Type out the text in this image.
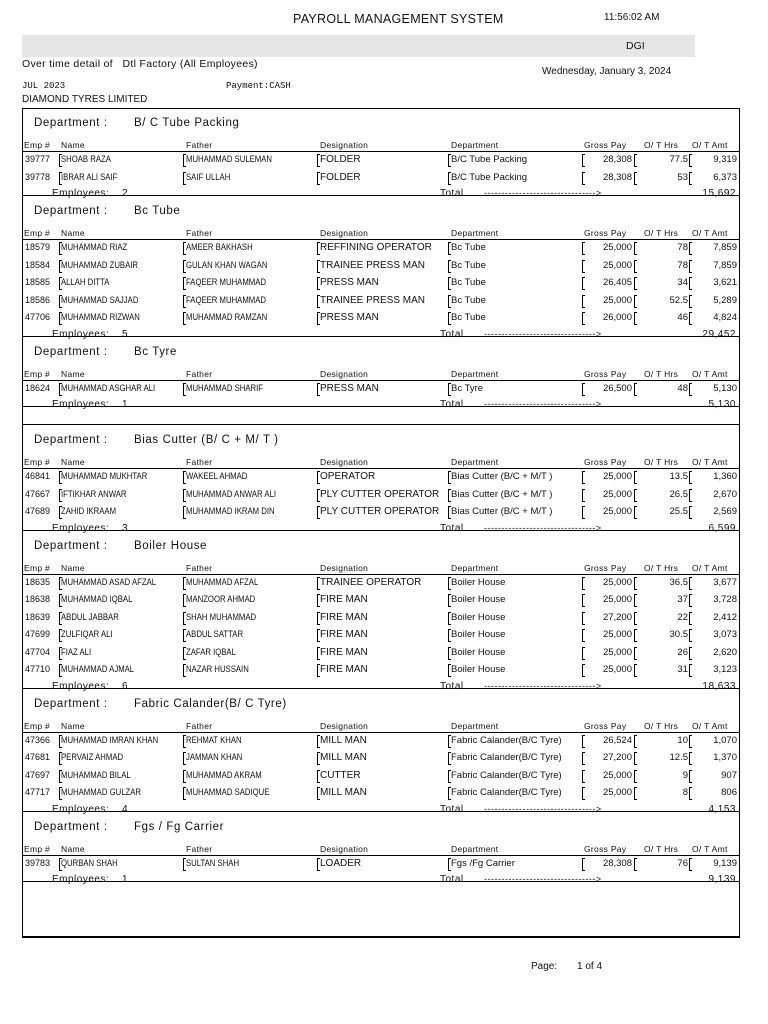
PAYROLL MANAGEMENT SYSTEM	11:56:02 AM
DGI
Over time detail of   Dtl Factory (All Employees)
Wednesday, January 3, 2024
JUL 2023	Payment:CASH
DIAMOND TYRES LIMITED
Department : B/ C Tube Packing
Emp # Name	Father	Designation	Department	Gross Pay O/ T Hrs O/ T Amt
39777	SHOAB RAZA	MUHAMMAD SULEMAN	FOLDER	B/C Tube Packing	28,308	77.5	9,319
39778	IBRAR ALI SAIF	SAIF ULLAH	FOLDER	B/C Tube Packing	28,308	53	6,373
Employees: 2	Total -------------------------------->	15,692
Department : Bc Tube
Emp # Name	Father	Designation	Department	Gross Pay O/ T Hrs O/ T Amt
18579	MUHAMMAD RIAZ	AMEER BAKHASH	REFFINING OPERATOR	Bc Tube	25,000	78	7,859
18584	MUHAMMAD ZUBAIR	GULAN KHAN WAGAN	TRAINEE PRESS MAN	Bc Tube	25,000	78	7,859
18585	ALLAH DITTA	FAQEER MUHAMMAD	PRESS MAN	Bc Tube	26,405	34	3,621
18586	MUHAMMAD SAJJAD	FAQEER MUHAMMAD	TRAINEE PRESS MAN	Bc Tube	25,000	52.5	5,289
47706	MUHAMMAD RIZWAN	MUHAMMAD RAMZAN	PRESS MAN	Bc Tube	26,000	46	4,824
Employees: 5	Total -------------------------------->	29,452
Department : Bc Tyre
Emp # Name	Father	Designation	Department	Gross Pay O/ T Hrs O/ T Amt
18624	MUHAMMAD ASGHAR ALI	MUHAMMAD SHARIF	PRESS MAN	Bc Tyre	26,500	48	5,130
Employees: 1	Total -------------------------------->	5,130
Department : Bias Cutter (B/ C + M/ T )
Emp # Name	Father	Designation	Department	Gross Pay O/ T Hrs O/ T Amt
46841	MUHAMMAD MUKHTAR	WAKEEL AHMAD	OPERATOR	Bias Cutter (B/C + M/T )	25,000	13.5	1,360
47667	IFTIKHAR ANWAR	MUHAMMAD ANWAR ALI	PLY CUTTER OPERATOR	Bias Cutter (B/C + M/T )	25,000	26.5	2,670
47689	ZAHID IKRAAM	MUHAMMAD IKRAM DIN	PLY CUTTER OPERATOR	Bias Cutter (B/C + M/T )	25,000	25.5	2,569
Employees: 3	Total -------------------------------->	6,599
Department : Boiler House
Emp # Name	Father	Designation	Department	Gross Pay O/ T Hrs O/ T Amt
18635	MUHAMMAD ASAD AFZAL	MUHAMMAD AFZAL	TRAINEE OPERATOR	Boiler House	25,000	36.5	3,677
18638	MUHAMMAD IQBAL	MANZOOR AHMAD	FIRE MAN	Boiler House	25,000	37	3,728
18639	ABDUL JABBAR	SHAH MUHAMMAD	FIRE MAN	Boiler House	27,200	22	2,412
47699	ZULFIQAR ALI	ABDUL SATTAR	FIRE MAN	Boiler House	25,000	30.5	3,073
47704	FIAZ ALI	ZAFAR IQBAL	FIRE MAN	Boiler House	25,000	26	2,620
47710	MUHAMMAD AJMAL	NAZAR HUSSAIN	FIRE MAN	Boiler House	25,000	31	3,123
Employees: 6	Total -------------------------------->	18,633
Department : Fabric Calander(B/ C Tyre)
Emp # Name	Father	Designation	Department	Gross Pay O/ T Hrs O/ T Amt
47366	MUHAMMAD IMRAN KHAN	REHMAT KHAN	MILL MAN	Fabric Calander(B/C Tyre)	26,524	10	1,070
47681	PERVAIZ AHMAD	JAMMAN KHAN	MILL MAN	Fabric Calander(B/C Tyre)	27,200	12.5	1,370
47697	MUHAMMAD BILAL	MUHAMMAD AKRAM	CUTTER	Fabric Calander(B/C Tyre)	25,000	9	907
47717	MUHAMMAD GULZAR	MUHAMMAD SADIQUE	MILL MAN	Fabric Calander(B/C Tyre)	25,000	8	806
Employees: 4	Total -------------------------------->	4,153
Department : Fgs / Fg Carrier
Emp # Name	Father	Designation	Department	Gross Pay O/ T Hrs O/ T Amt
39783	QURBAN SHAH	SULTAN SHAH	LOADER	Fgs /Fg Carrier	28,308	76	9,139
Employees: 1	Total -------------------------------->	9,139
Page: 1 of 4
